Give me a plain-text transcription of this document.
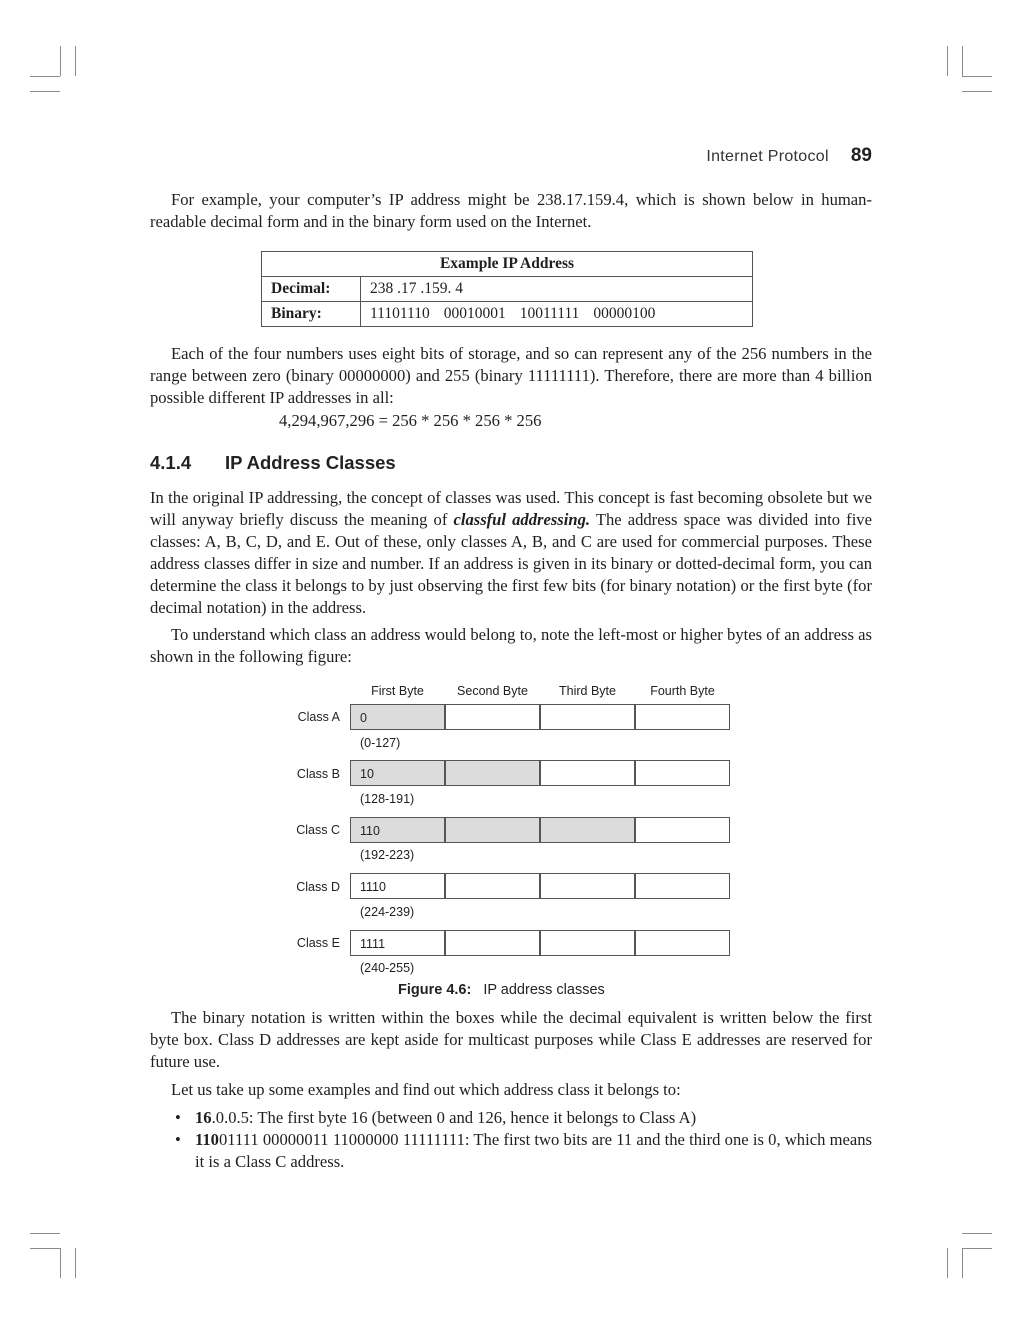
Internet Protocol 89

For example, your computer’s IP address might be 238.17.159.4, which is shown below in human-readable decimal form and in the binary form used on the Internet.

Example IP Address	
Decimal:	238 .17 .159. 4
Binary:	11101110 00010001 10011111 00000100

Each of the four numbers uses eight bits of storage, and so can represent any of the 256 numbers in the range between zero (binary 00000000) and 255 (binary 11111111). Therefore, there are more than 4 billion possible different IP addresses in all:

4,294,967,296 = 256 * 256 * 256 * 256

4.1.4 IP Address Classes

In the original IP addressing, the concept of classes was used. This concept is fast becoming obsolete but we will anyway briefly discuss the meaning of classful addressing. The address space was divided into five classes: A, B, C, D, and E. Out of these, only classes A, B, and C are used for commercial purposes. These address classes differ in size and number. If an address is given in its binary or dotted-decimal form, you can determine the class it belongs to by just observing the first few bits (for binary notation) or the first byte (for decimal notation) in the address.

To understand which class an address would belong to, note the left-most or higher bytes of an address as shown in the following figure:

First Byte	Second Byte	Third Byte	Fourth Byte
Class A	0
(0-127)
Class B	10
(128-191)
Class C	110
(192-223)
Class D	1110
(224-239)
Class E	1111
(240-255)
Figure 4.6: IP address classes

The binary notation is written within the boxes while the decimal equivalent is written below the first byte box. Class D addresses are kept aside for multicast purposes while Class E addresses are reserved for future use.

Let us take up some examples and find out which address class it belongs to:

• 16.0.0.5: The first byte 16 (between 0 and 126, hence it belongs to Class A)
• 11001111 00000011 11000000 11111111: The first two bits are 11 and the third one is 0, which means it is a Class C address.
